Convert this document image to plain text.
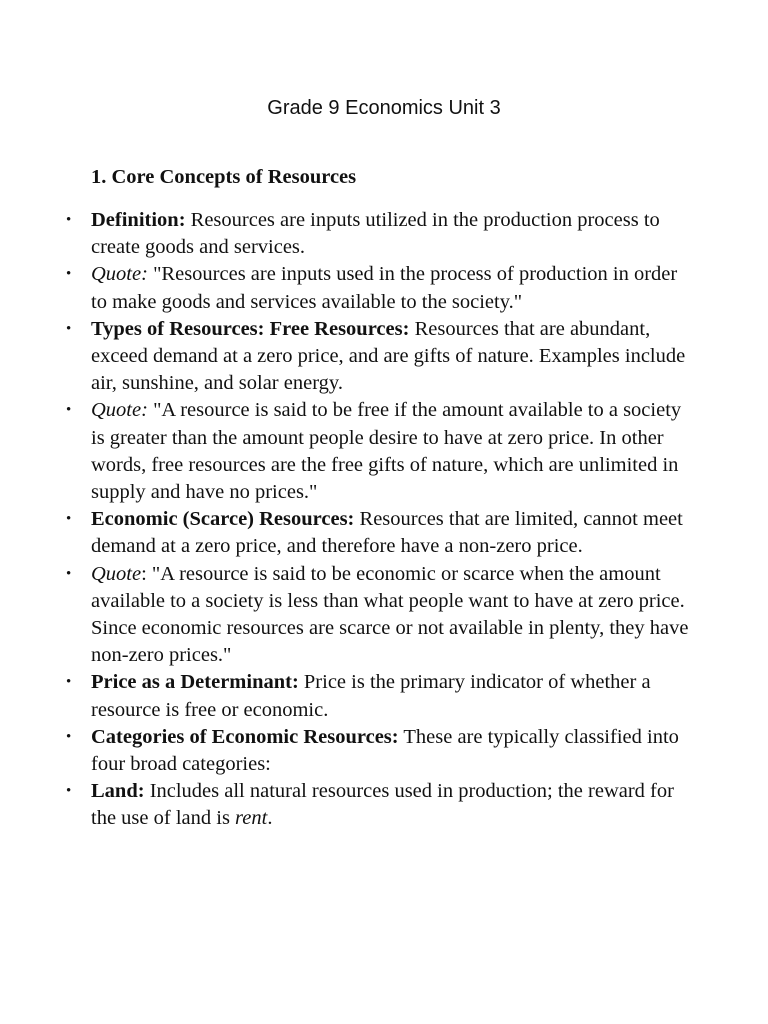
Grade 9 Economics Unit 3
1. Core Concepts of Resources
• Definition: Resources are inputs utilized in the production process to create goods and services.
• Quote: "Resources are inputs used in the process of production in order to make goods and services available to the society."
• Types of Resources: Free Resources: Resources that are abundant, exceed demand at a zero price, and are gifts of nature. Examples include air, sunshine, and solar energy.
• Quote: "A resource is said to be free if the amount available to a society is greater than the amount people desire to have at zero price. In other words, free resources are the free gifts of nature, which are unlimited in supply and have no prices."
• Economic (Scarce) Resources: Resources that are limited, cannot meet demand at a zero price, and therefore have a non-zero price.
• Quote: "A resource is said to be economic or scarce when the amount available to a society is less than what people want to have at zero price. Since economic resources are scarce or not available in plenty, they have non-zero prices."
• Price as a Determinant: Price is the primary indicator of whether a resource is free or economic.
• Categories of Economic Resources: These are typically classified into four broad categories:
• Land: Includes all natural resources used in production; the reward for the use of land is rent.
